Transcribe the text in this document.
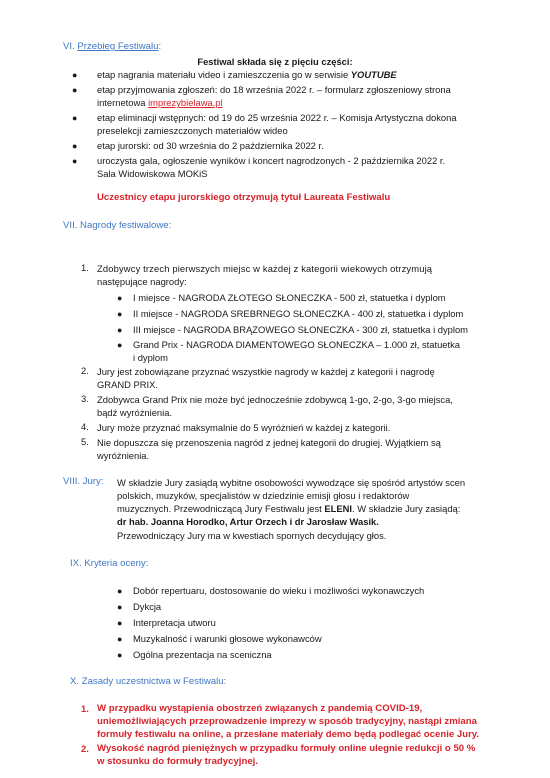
VI. Przebieg Festiwalu:
Festiwal składa się z pięciu części:
● etap nagrania materiału video i zamieszczenia go w serwisie YOUTUBE
● etap przyjmowania zgłoszeń: do 18 września 2022 r. – formularz zgłoszeniowy strona
internetowa imprezybielawa.pl
● etap eliminacji wstępnych: od 19 do 25 września 2022 r. – Komisja Artystyczna dokona
preselekcji zamieszczonych materiałów wideo
● etap jurorski: od 30 września do 2 października 2022 r.
● uroczysta gala, ogłoszenie wyników i koncert nagrodzonych - 2 października 2022 r.
Sala Widowiskowa MOKiS
Uczestnicy etapu jurorskiego otrzymują tytuł Laureata Festiwalu
VII. Nagrody festiwalowe:
1. Zdobywcy trzech pierwszych miejsc w każdej z kategorii wiekowych otrzymują
następujące nagrody:
● I miejsce - NAGRODA ZŁOTEGO SŁONECZKA - 500 zł, statuetka i dyplom
● II miejsce - NAGRODA SREBRNEGO SŁONECZKA - 400 zł, statuetka i dyplom
● III miejsce - NAGRODA BRĄZOWEGO SŁONECZKA - 300 zł, statuetka i dyplom
● Grand Prix - NAGRODA DIAMENTOWEGO SŁONECZKA – 1.000 zł, statuetka
i dyplom
2. Jury jest zobowiązane przyznać wszystkie nagrody w każdej z kategorii i nagrodę
GRAND PRIX.
3. Zdobywca Grand Prix nie może być jednocześnie zdobywcą 1-go, 2-go, 3-go miejsca,
bądź wyróżnienia.
4. Jury może przyznać maksymalnie do 5 wyróżnień w każdej z kategorii.
5. Nie dopuszcza się przenoszenia nagród z jednej kategorii do drugiej. Wyjątkiem są
wyróżnienia.
VIII. Jury: W składzie Jury zasiądą wybitne osobowości wywodzące się spośród artystów scen
polskich, muzyków, specjalistów w dziedzinie emisji głosu i redaktorów
muzycznych. Przewodniczącą Jury Festiwalu jest ELENI. W składzie Jury zasiądą:
dr hab. Joanna Horodko, Artur Orzech i dr Jarosław Wasik.
Przewodniczący Jury ma w kwestiach spornych decydujący głos.
IX. Kryteria oceny:
● Dobór repertuaru, dostosowanie do wieku i możliwości wykonawczych
● Dykcja
● Interpretacja utworu
● Muzykalność i warunki głosowe wykonawców
● Ogólna prezentacja na sceniczna
X. Zasady uczestnictwa w Festiwalu:
1. W przypadku wystąpienia obostrzeń związanych z pandemią COVID-19,
uniemożliwiających przeprowadzenie imprezy w sposób tradycyjny, nastąpi zmiana
formuły festiwalu na online, a przesłane materiały demo będą podlegać ocenie Jury.
2. Wysokość nagród pieniężnych w przypadku formuły online ulegnie redukcji o 50 %
w stosunku do formuły tradycyjnej.
